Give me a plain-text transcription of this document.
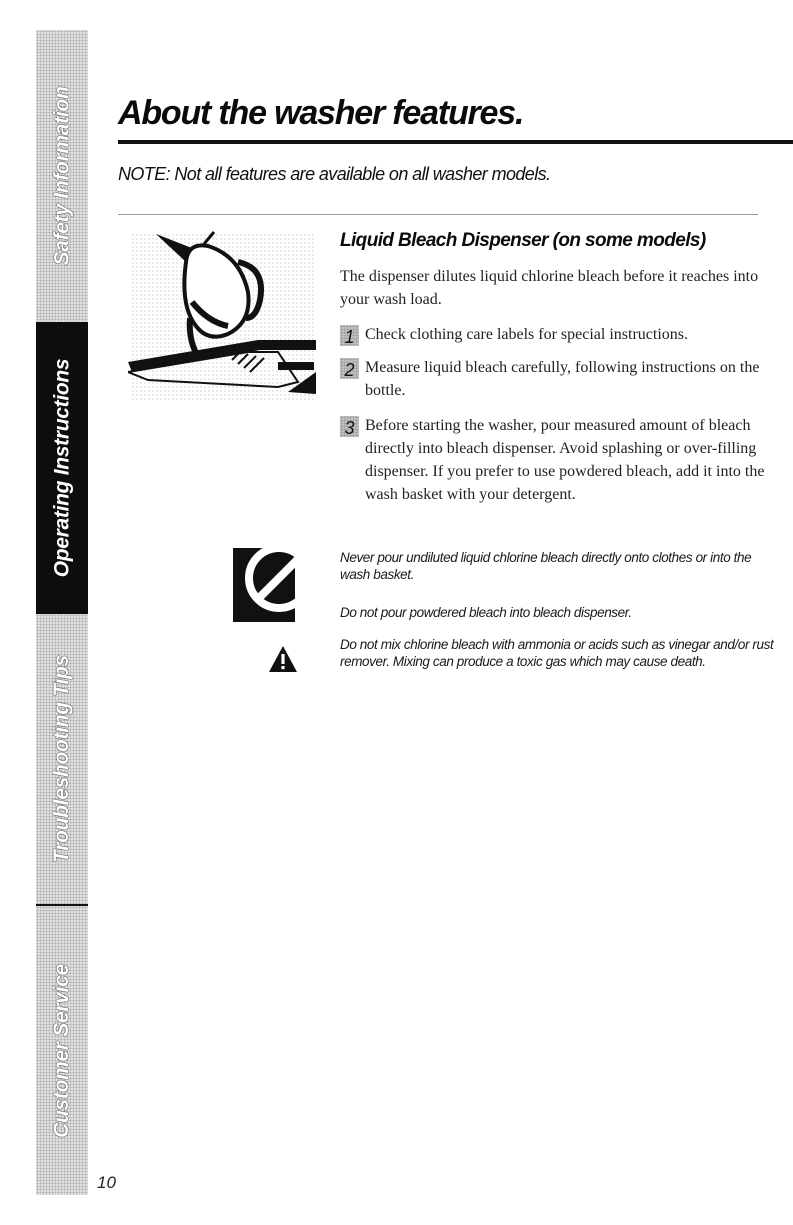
Safety Information
Operating Instructions
Troubleshooting Tips
Customer Service
About the washer features.
NOTE: Not all features are available on all washer models.
Liquid Bleach Dispenser (on some models)

The dispenser dilutes liquid chlorine bleach before it reaches into your wash load.

1 Check clothing care labels for special instructions.

2 Measure liquid bleach carefully, following instructions on the bottle.

3 Before starting the washer, pour measured amount of bleach directly into bleach dispenser. Avoid splashing or over-filling dispenser. If you prefer to use powdered bleach, add it into the wash basket with your detergent.

Never pour undiluted liquid chlorine bleach directly onto clothes or into the wash basket.

Do not pour powdered bleach into bleach dispenser.

Do not mix chlorine bleach with ammonia or acids such as vinegar and/or rust remover. Mixing can produce a toxic gas which may cause death.

10
